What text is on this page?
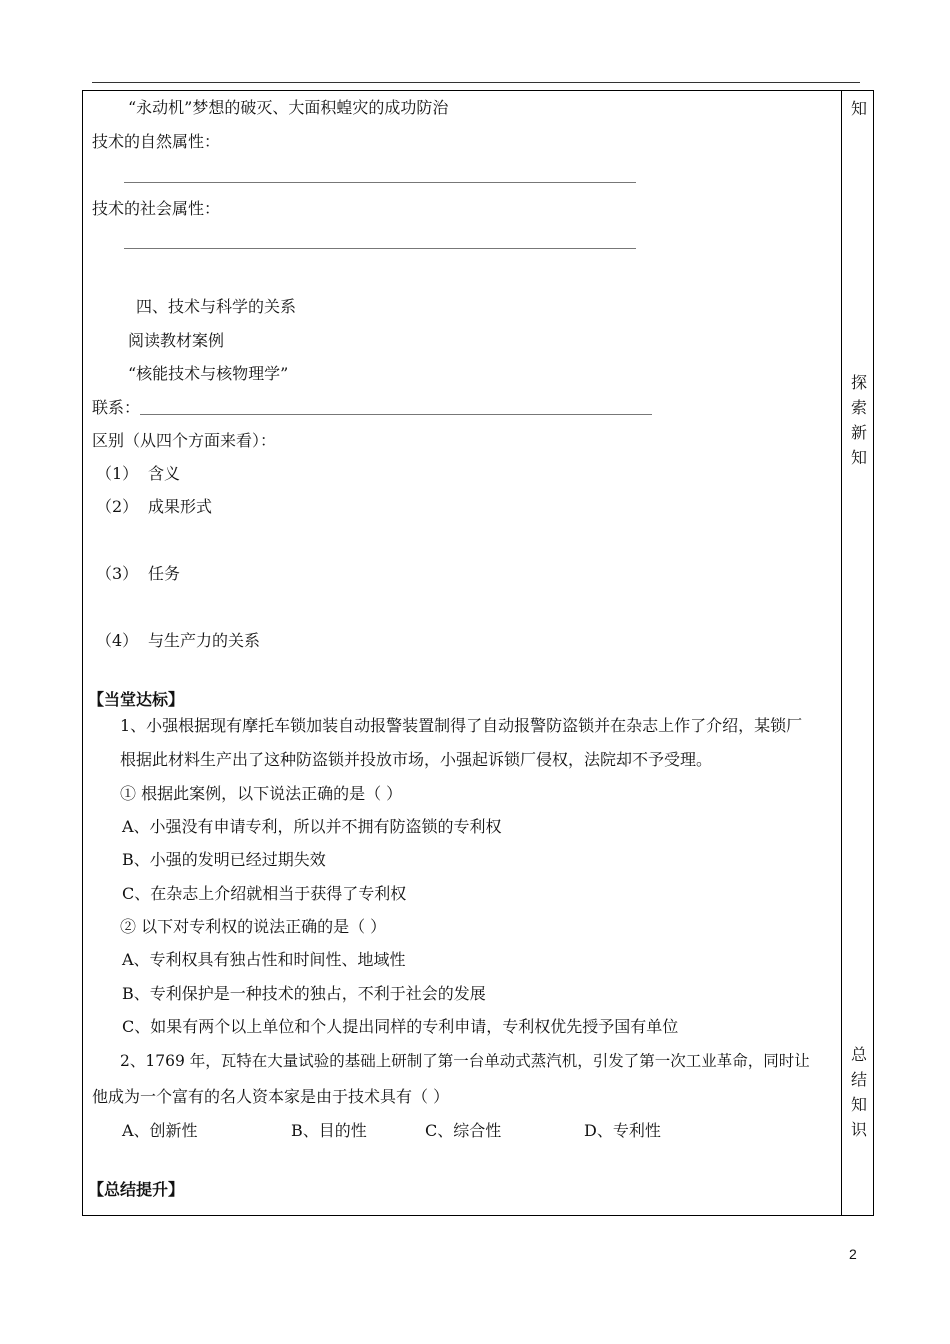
“永动机”梦想的破灭、大面积蝗灾的成功防治
技术的自然属性：
技术的社会属性：
四、技术与科学的关系
阅读教材案例
“核能技术与核物理学”
联系：
区别（从四个方面来看）：
（1） 含义
（2） 成果形式
（3） 任务
（4） 与生产力的关系
【当堂达标】
1、小强根据现有摩托车锁加装自动报警装置制得了自动报警防盗锁并在杂志上作了介绍，某锁厂
根据此材料生产出了这种防盗锁并投放市场，小强起诉锁厂侵权，法院却不予受理。
① 根据此案例，以下说法正确的是（ ）
A、小强没有申请专利，所以并不拥有防盗锁的专利权
B、小强的发明已经过期失效
C、在杂志上介绍就相当于获得了专利权
② 以下对专利权的说法正确的是（ ）
A、专利权具有独占性和时间性、地域性
B、专利保护是一种技术的独占，不利于社会的发展
C、如果有两个以上单位和个人提出同样的专利申请，专利权优先授予国有单位
2、1769 年，瓦特在大量试验的基础上研制了第一台单动式蒸汽机，引发了第一次工业革命，同时让
他成为一个富有的名人资本家是由于技术具有（ ）
A、创新性	B、目的性	C、综合性	D、专利性
【总结提升】
知
探
索
新
知
总
结
知
识
2
